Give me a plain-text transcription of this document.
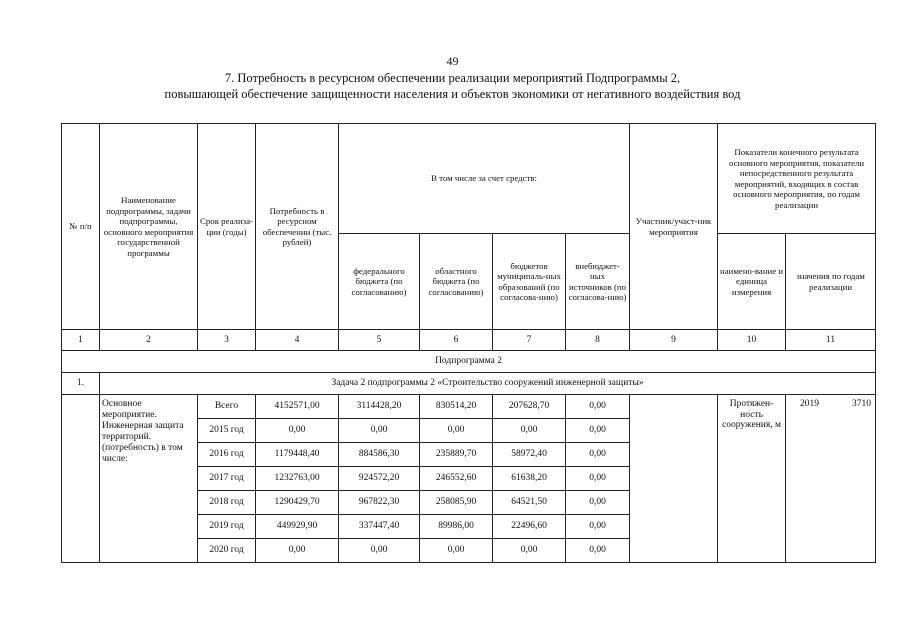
49
7. Потребность в ресурсном обеспечении реализации мероприятий Подпрограммы 2,
повышающей обеспечение защищенности населения и объектов экономики от негативного воздействия вод
№ п/п	Наименование подпрограммы, задачи подпрограммы, основного мероприятия государственной программы	Срок реализа-ции (годы)	Потребность в ресурсном обеспечении (тыс. рублей)	В том числе за счет средств:				Участник/участ-ник мероприятия	Показатели конечного результата основного мероприятия, показатели непосредственного результата мероприятий, входящих в состав основного мероприятия, по годам реализации	
				федерального бюджета (по согласованию)	областного бюджета (по согласованию)	бюджетов муниципаль-ных образований (по согласова-нию)	внебюджет-ных источников (по согласова-нию)		наимено-вание и единица измерения	значения по годам реализации
1	2	3	4	5	6	7	8	9	10	11
Подпрограмма 2										
1.	Задача 2 подпрограммы 2 «Строительство сооружений инженерной защиты»									
	Основное мероприятие. Инженерная защита территорий. (потребность) в том числе:	Всего	4152571,00	3114428,20	830514,20	207628,70	0,00		Протяжен-ность сооружения, м	2019 3710

		2015 год	0,00	0,00	0,00	0,00	0,00			
		2016 год	1179448,40	884586,30	235889,70	58972,40	0,00			
		2017 год	1232763,00	924572,20	246552,60	61638,20	0,00			
		2018 год	1290429,70	967822,30	258085,90	64521,50	0,00			
		2019 год	449929,90	337447,40	89986,00	22496,60	0,00			
		2020 год	0,00	0,00	0,00	0,00	0,00			
